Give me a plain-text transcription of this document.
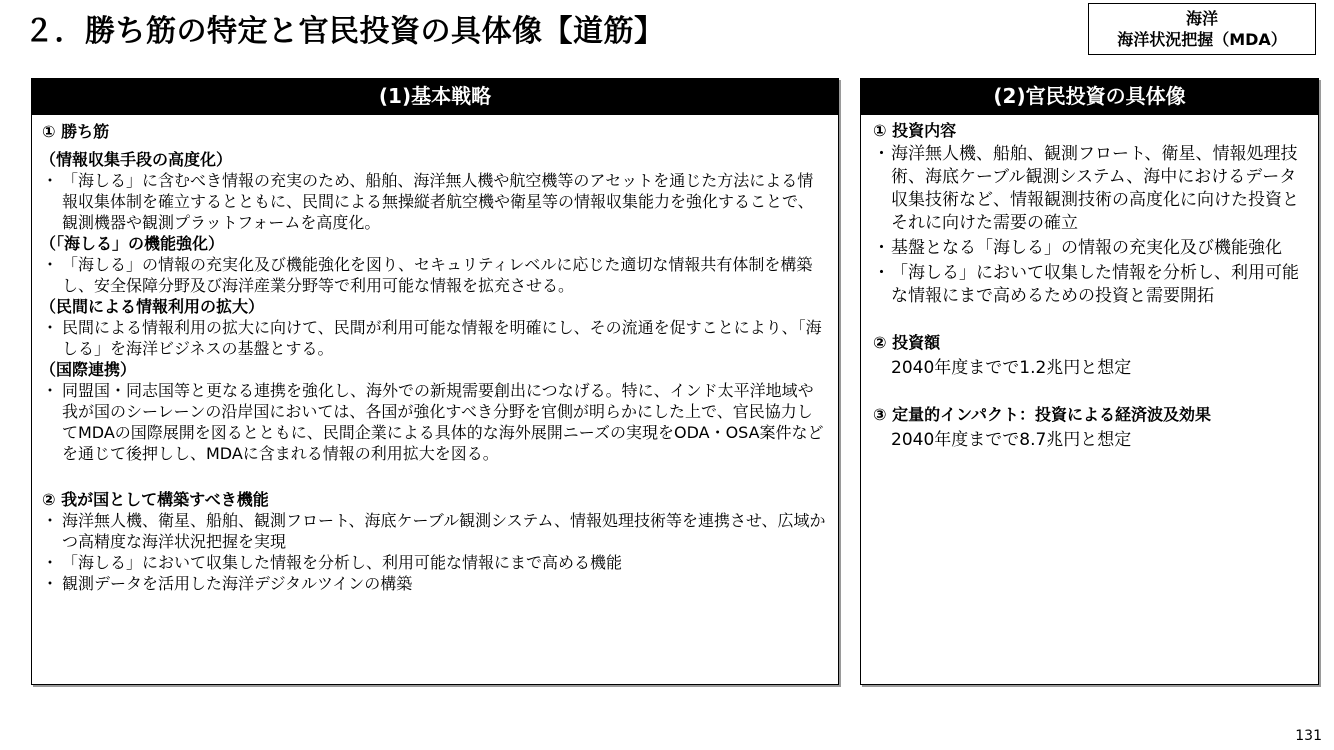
２．勝ち筋の特定と官民投資の具体像【道筋】	海洋
海洋状況把握（MDA）
(1)基本戦略
① 勝ち筋
（情報収集手段の高度化）
・ 「海しる」に含むべき情報の充実のため、船舶、海洋無人機や航空機等のアセットを通じた方法による情報収集体制を確立するとともに、民間による無操縦者航空機や衛星等の情報収集能力を強化することで、観測機器や観測プラットフォームを高度化。
（「海しる」の機能強化）
・ 「海しる」の情報の充実化及び機能強化を図り、セキュリティレベルに応じた適切な情報共有体制を構築し、安全保障分野及び海洋産業分野等で利用可能な情報を拡充させる。
（民間による情報利用の拡大）
・ 民間による情報利用の拡大に向けて、民間が利用可能な情報を明確にし、その流通を促すことにより、「海しる」を海洋ビジネスの基盤とする。
（国際連携）
・ 同盟国・同志国等と更なる連携を強化し、海外での新規需要創出につなげる。特に、インド太平洋地域や我が国のシーレーンの沿岸国においては、各国が強化すべき分野を官側が明らかにした上で、官民協力してMDAの国際展開を図るとともに、民間企業による具体的な海外展開ニーズの実現をODA・OSA案件などを通じて後押しし、MDAに含まれる情報の利用拡大を図る。
② 我が国として構築すべき機能
・ 海洋無人機、衛星、船舶、観測フロート、海底ケーブル観測システム、情報処理技術等を連携させ、広域かつ高精度な海洋状況把握を実現
・ 「海しる」において収集した情報を分析し、利用可能な情報にまで高める機能
・ 観測データを活用した海洋デジタルツインの構築
(2)官民投資の具体像
① 投資内容
・ 海洋無人機、船舶、観測フロート、衛星、情報処理技術、海底ケーブル観測システム、海中におけるデータ収集技術など、情報観測技術の高度化に向けた投資とそれに向けた需要の確立
・ 基盤となる「海しる」の情報の充実化及び機能強化
・ 「海しる」において収集した情報を分析し、利用可能な情報にまで高めるための投資と需要開拓
② 投資額
2040年度までで1.2兆円と想定
③ 定量的インパクト：投資による経済波及効果
2040年度までで8.7兆円と想定
131
